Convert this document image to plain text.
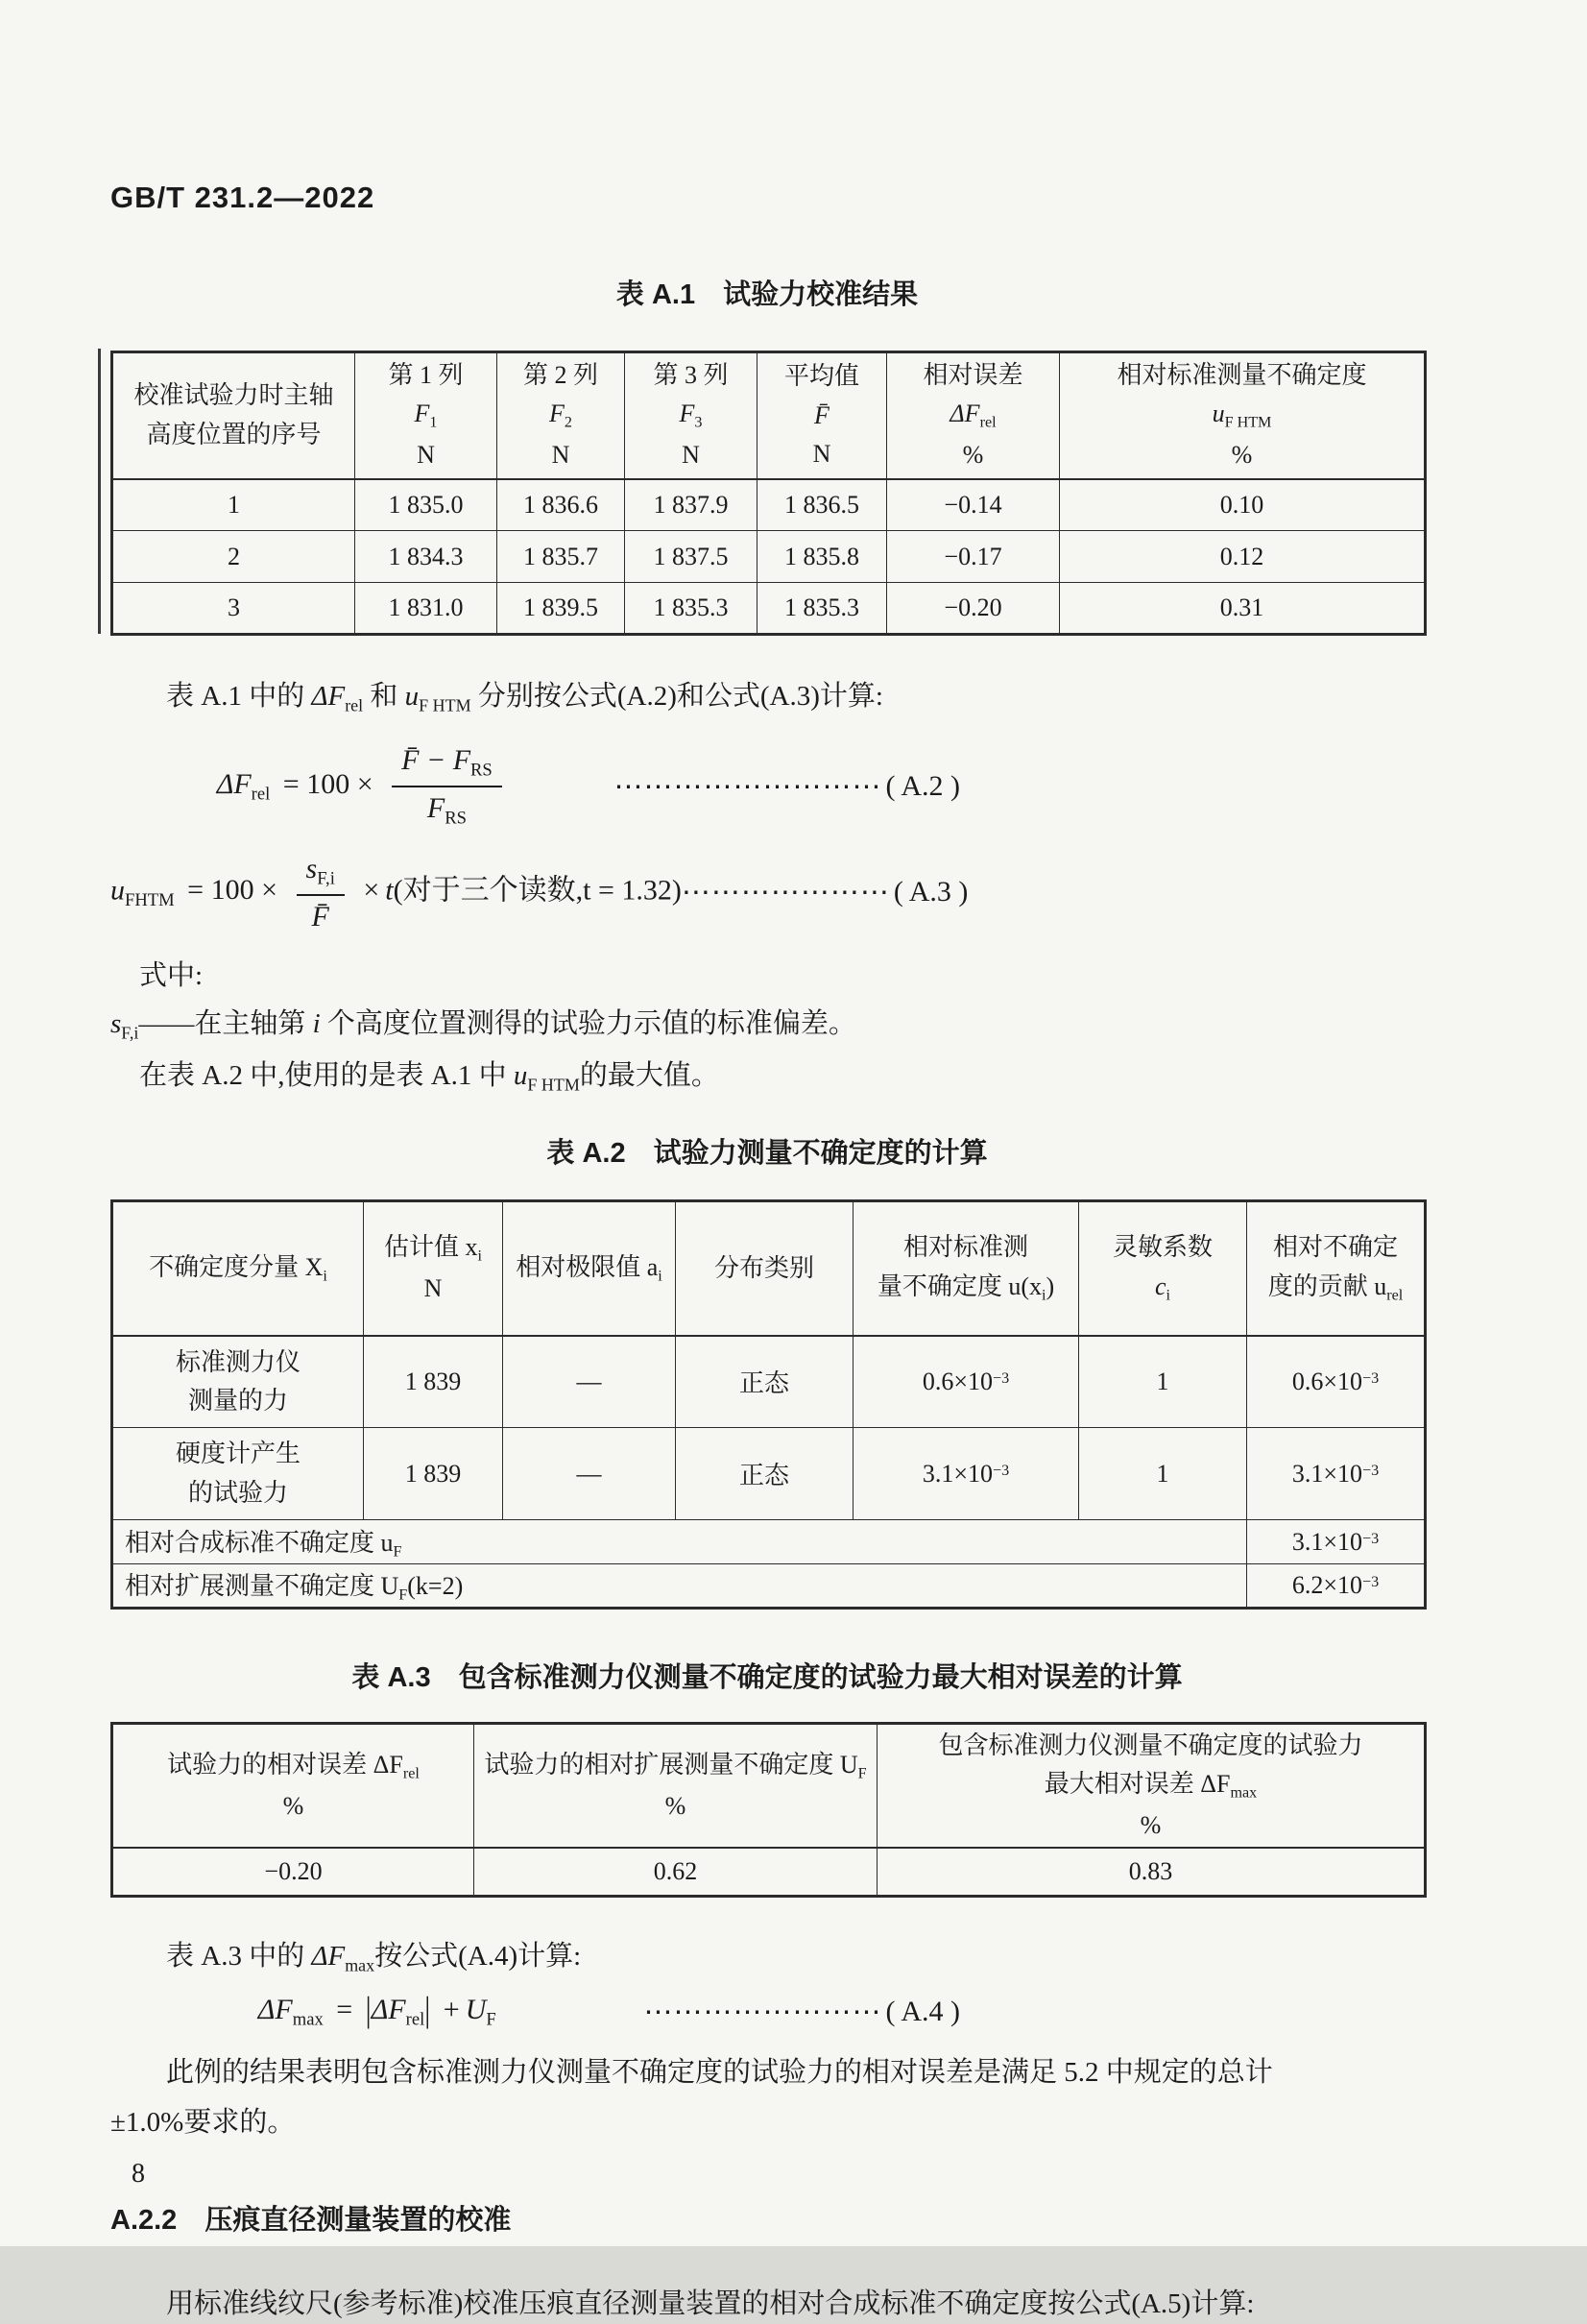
GB/T 231.2—2022
表 A.1　试验力校准结果
校准试验力时主轴
高度位置的序号	第 1 列
$F_1$
N	第 2 列
$F_2$
N	第 3 列
$F_3$
N	平均值
F̄
N	相对误差
$\Delta F_{rel}$
%	相对标准测量不确定度
$u_{F HTM}$
%

1	1 835.0	1 836.6	1 837.9	1 836.5	−0.14	0.10
2	1 834.3	1 835.7	1 837.5	1 835.8	−0.17	0.12
3	1 831.0	1 839.5	1 835.3	1 835.3	−0.20	0.31
表 A.1 中的 $\Delta F_{rel}$ 和 $u_{F HTM}$ 分别按公式(A.2)和公式(A.3)计算:
$\Delta F_{rel} = 100 \times \frac{F̄ - F_{RS}}{F_{RS}}$	⋯⋯⋯⋯⋯⋯⋯⋯⋯ ( A.2 )
$u_{FHTM} = 100 \times \frac{s_{F,i}}{F̄} \times t$(对于三个读数,t = 1.32) ⋯⋯⋯⋯⋯⋯⋯ ( A.3 )
式中:
$s_{F,i}——$在主轴第 i 个高度位置测得的试验力示值的标准偏差。
在表 A.2 中,使用的是表 A.1 中 $u_{F HTM}$的最大值。
表 A.2　试验力测量不确定度的计算
不确定度分量 $X_i$	估计值 $x_i$
N	相对极限值 $a_i$	分布类别	相对标准测
量不确定度 $u(x_i)$	灵敏系数
$c_i$	相对不确定
度的贡献 $u_{rel}$

标准测力仪
测量的力	1 839	—	正态	$0.6\times 10^{-3}$	1	$0.6\times 10^{-3}$

硬度计产生
的试验力	1 839	—	正态	$3.1\times 10^{-3}$	1	$3.1\times 10^{-3}$
相对合成标准不确定度 $u_F$						$3.1\times 10^{-3}$
相对扩展测量不确定度 $U_F(k=2)$						$6.2\times 10^{-3}$
表 A.3　包含标准测力仪测量不确定度的试验力最大相对误差的计算
试验力的相对误差 $\Delta F_{rel}$
%	试验力的相对扩展测量不确定度 $U_F$
%	包含标准测力仪测量不确定度的试验力
最大相对误差 $\Delta F_{max}$
%

−0.20	0.62	0.83
表 A.3 中的 $\Delta F_{max}$按公式(A.4)计算:
$\Delta F_{max} = |\Delta F_{rel}| + U_F$	⋯⋯⋯⋯⋯⋯⋯⋯ ( A.4 )
此例的结果表明包含标准测力仪测量不确定度的试验力的相对误差是满足 5.2 中规定的总计
±1.0%要求的。
A.2.2　压痕直径测量装置的校准
用标准线纹尺(参考标准)校准压痕直径测量装置的相对合成标准不确定度按公式(A.5)计算:
8
